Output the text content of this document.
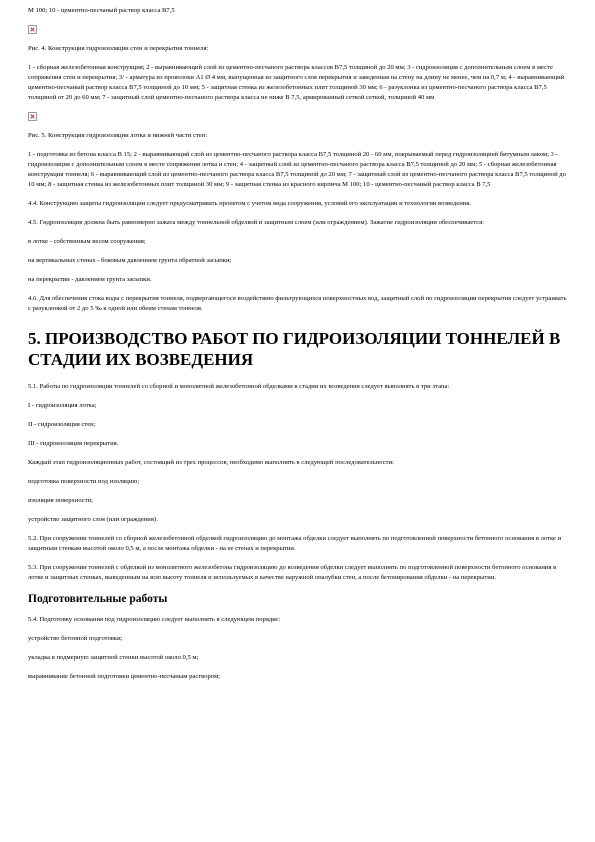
М 100; 10 - цементно-песчаный раствор класса В7,5

Рис. 4. Конструкция гидроизоляции стен и перекрытия тоннеля:

1 - сборная железобетонная конструкция; 2 - выравнивающий слой из цементно-песчаного раствора классов В7,5 толщиной до 20 мм; 3 - гидроизоляция с дополнительным слоем в месте сопряжения стен и перекрытия; 3/ - арматура из проволоки А1 Ø 4 мм, выпущенная из защитного слоя перекрытия и заведенная на стену на длину не менее, чем на 0,7 м; 4 - выравнивающий цементно-песчаный раствор класса В7,5 толщиной до 10 мм; 5 - защитная стенка из железобетонных плит толщиной 30 мм; 6 - разуклонка из цементно-песчаного раствора класса В7,5 толщиной от 20 до 60 мм; 7 - защитный слой цементно-песчаного раствора класса не ниже В 7,5, армированный сеткой сеткой, толщиной 40 мм

Рис. 5. Конструкция гидроизоляции лотка и нижней части стен:

1 - подготовка из бетона класса В 15; 2 - выравнивающий слой из цементно-песчаного раствора класса В7,5 толщиной 20 - 60 мм, покрываемый перед гидроизоляцией битумным лаком; 3 - гидроизоляция с дополнительным слоем в месте сопряжения лотка и стен; 4 - защитный слой из цементно-песчаного раствора класса В7,5 толщиной до 20 мм; 5 - сборная железобетонная конструкция тоннеля; 6 - выравнивающий слой из цементно-песчаного раствора класса В7,5 толщиной до 20 мм; 7 - защитный слой из цементно-песчаного раствора класса В7,5 толщиной до 10 мм; 8 - защитная стенка из железобетонных плит толщиной 30 мм; 9 - защитная стенка из красного кирпича М 100; 10 - цементно-песчаный раствор класса В 7,5

4.4. Конструкцию защиты гидроизоляции следует предусматривать проектом с учетом вида сооружения, условий его эксплуатации и технологии возведения.

4.5. Гидроизоляция должна быть равномерно зажата между тоннельной обделкой и защитным слоем (или ограждением). Зажатие гидроизоляции обеспечивается:

в лотке - собственным весом сооружения;

на вертикальных стенах - боковым давлением грунта обратной засыпки;

на перекрытии - давлением грунта засыпки.

4.6. Для обеспечения стока воды с перекрытия тоннеля, подвергающегося воздействию фильтрующихся поверхностных вод, защитный слой по гидроизоляции перекрытия следует устраивать с разуклонкой от 2 до 5 ‰ к одной или обеим стенам тоннеля.

5. ПРОИЗВОДСТВО РАБОТ ПО ГИДРОИЗОЛЯЦИИ ТОННЕЛЕЙ В СТАДИИ ИХ ВОЗВЕДЕНИЯ

5.1. Работы по гидроизоляции тоннелей со сборной и монолитной железобетонной обделками в стадии их возведения следует выполнять в три этапа:

I - гидроизоляция лотка;

II - гидроизоляция стен;

III - гидроизоляция перекрытия.

Каждый этап гидроизоляционных работ, состоящий из трех процессов, необходимо выполнять в следующей последовательности:

подготовка поверхности под изоляцию;

изоляция поверхности;

устройство защитного слоя (или ограждения).

5.2. При сооружении тоннелей со сборной железобетонной обделкой гидроизоляцию до монтажа обделки следует выполнять по подготовленной поверхности бетонного основания в лотке и защитным стенкам высотой около 0,5 м, а после монтажа обделки - на ее стенах и перекрытии.

5.3. При сооружении тоннелей с обделкой из монолитного железобетона гидроизоляцию до возведения обделки следует выполнять по подготовленной поверхности бетонного основания в лотке и защитных стенках, выведенным на всю высоту тоннеля и используемых в качестве наружной опалубки стен, а после бетонирования обделки - на перекрытии.

Подготовительные работы

5.4. Подготовку основания под гидроизоляцию следует выполнять в следующем порядке:

устройство бетонной подготовки;

укладка в подмерную защитной стенки высотой около 0,5 м;

выравнивание бетонной подготовки цементно-песчаным раствором;
